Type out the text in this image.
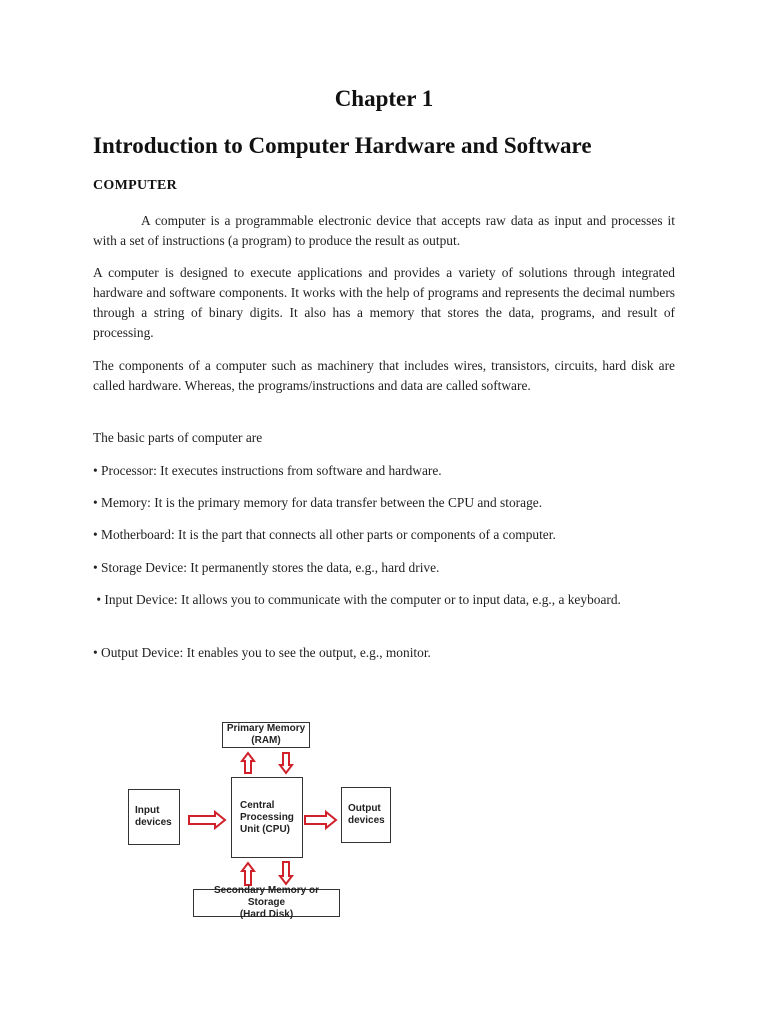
Chapter 1
Introduction to Computer Hardware and Software
COMPUTER

A computer is a programmable electronic device that accepts raw data as input and processes it with a set of instructions (a program) to produce the result as output.

A computer is designed to execute applications and provides a variety of solutions through integrated hardware and software components. It works with the help of programs and represents the decimal numbers through a string of binary digits. It also has a memory that stores the data, programs, and result of processing.

The components of a computer such as machinery that includes wires, transistors, circuits, hard disk are called hardware. Whereas, the programs/instructions and data are called software.

The basic parts of computer are

• Processor: It executes instructions from software and hardware.

• Memory: It is the primary memory for data transfer between the CPU and storage.

• Motherboard: It is the part that connects all other parts or components of a computer.

• Storage Device: It permanently stores the data, e.g., hard drive.

• Input Device: It allows you to communicate with the computer or to input data, e.g., a keyboard.

• Output Device: It enables you to see the output, e.g., monitor.

Primary Memory
(RAM)
Input
devices
Central
Processing
Unit (CPU)
Output
devices
Secondary Memory or Storage
(Hard Disk)
